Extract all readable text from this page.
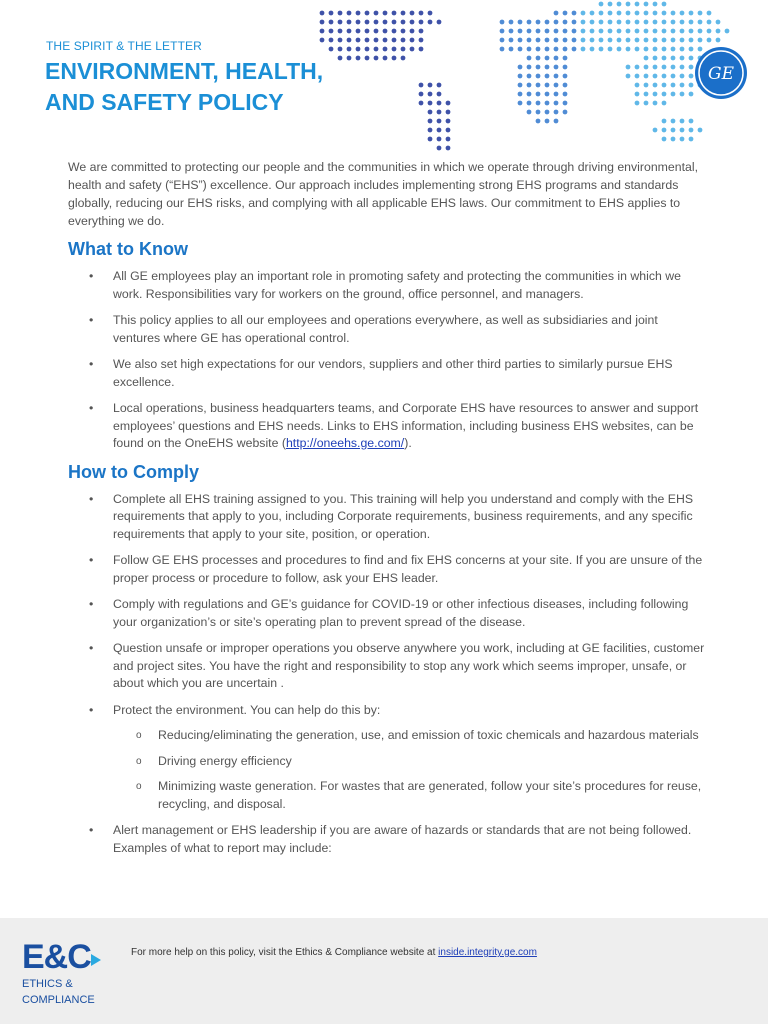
THE SPIRIT & THE LETTER
ENVIRONMENT, HEALTH,
AND SAFETY POLICY
GE

We are committed to protecting our people and the communities in which we operate through driving environmental, health and safety (“EHS”) excellence. Our approach includes implementing strong EHS programs and standards globally, reducing our EHS risks, and complying with all applicable EHS laws. Our commitment to EHS applies to everything we do.

What to Know
• All GE employees play an important role in promoting safety and protecting the communities in which we work. Responsibilities vary for workers on the ground, office personnel, and managers.
• This policy applies to all our employees and operations everywhere, as well as subsidiaries and joint ventures where GE has operational control.
• We also set high expectations for our vendors, suppliers and other third parties to similarly pursue EHS excellence.
• Local operations, business headquarters teams, and Corporate EHS have resources to answer and support employees’ questions and EHS needs. Links to EHS information, including business EHS websites, can be found on the OneEHS website (http://oneehs.ge.com/).
How to Comply
• Complete all EHS training assigned to you. This training will help you understand and comply with the EHS requirements that apply to you, including Corporate requirements, business requirements, and any specific requirements that apply to your site, position, or operation.
• Follow GE EHS processes and procedures to find and fix EHS concerns at your site. If you are unsure of the proper process or procedure to follow, ask your EHS leader.
• Comply with regulations and GE’s guidance for COVID-19 or other infectious diseases, including following your organization’s or site’s operating plan to prevent spread of the disease.
• Question unsafe or improper operations you observe anywhere you work, including at GE facilities, customer and project sites. You have the right and responsibility to stop any work which seems improper, unsafe, or about which you are uncertain .
• Protect the environment. You can help do this by:
o Reducing/eliminating the generation, use, and emission of toxic chemicals and hazardous materials
o Driving energy efficiency
o Minimizing waste generation. For wastes that are generated, follow your site’s procedures for reuse, recycling, and disposal.
• Alert management or EHS leadership if you are aware of hazards or standards that are not being followed. Examples of what to report may include:
E&C
ETHICS &
COMPLIANCE
For more help on this policy, visit the Ethics & Compliance website at inside.integrity.ge.com
